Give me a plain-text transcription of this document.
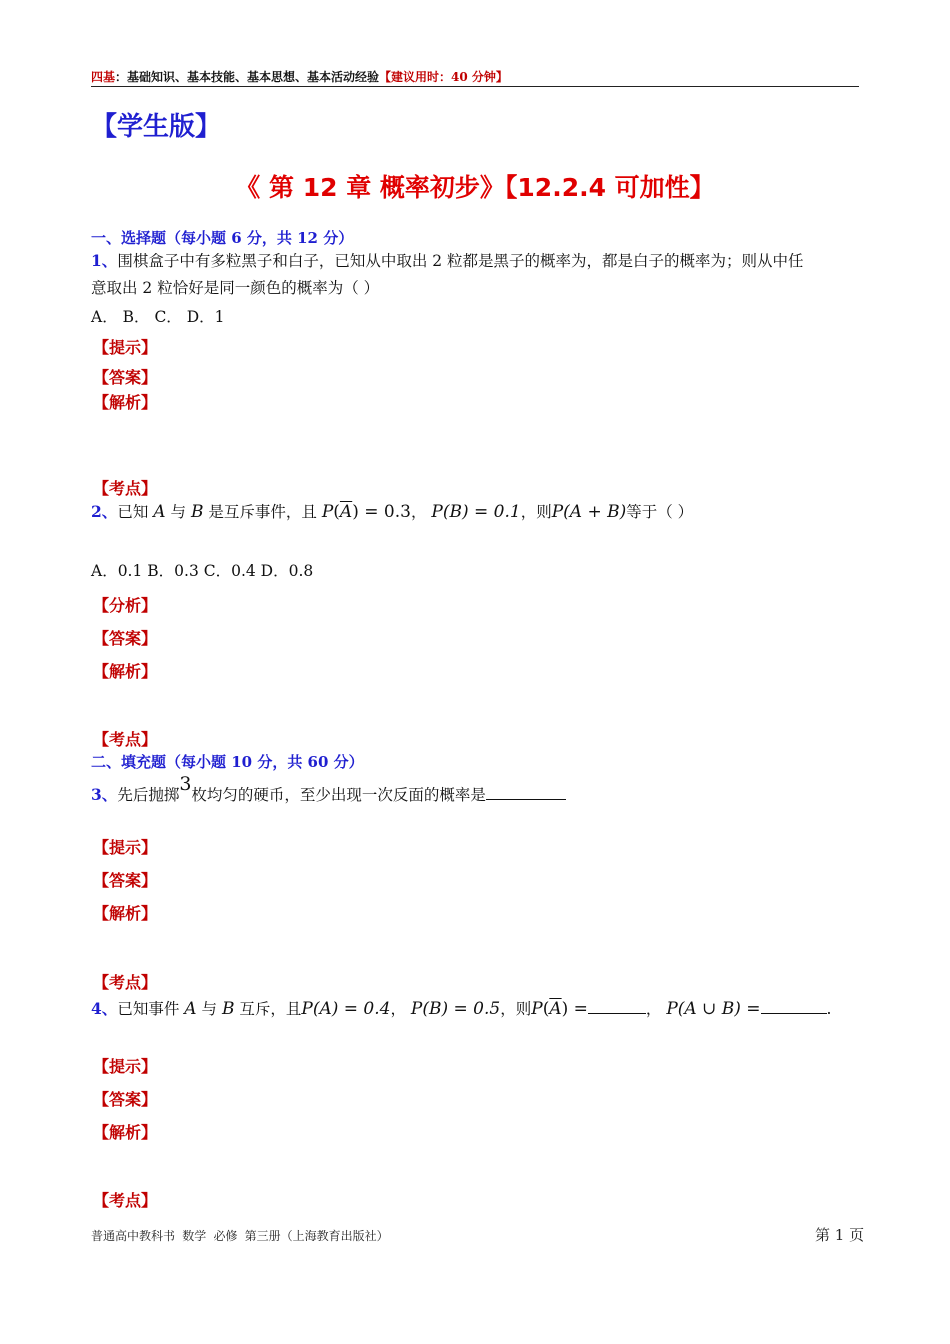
四基：基础知识、基本技能、基本思想、基本活动经验【建议用时：40 分钟】
【学生版】
《 第 12 章 概率初步》【12.2.4 可加性】
一、选择题（每小题 6 分，共 12 分）
1、围棋盒子中有多粒黑子和白子，已知从中取出 2 粒都是黑子的概率为，都是白子的概率为；则从中任
意取出 2 粒恰好是同一颜色的概率为（ ）
A． B． C． D．1
【提示】
【答案】
【解析】
【考点】
2、已知 A 与 B 是互斥事件，且 $P(\overline{A}) = 0.3$， P(B) = 0.1，则P(A + B)等于（ ）
A．0.1 B．0.3 C．0.4 D．0.8
【分析】
【答案】
【解析】
【考点】
二、填充题（每小题 10 分，共 60 分）
3、先后抛掷3枚均匀的硬币，至少出现一次反面的概率是
【提示】
【答案】
【解析】
【考点】
4、已知事件 A 与 B 互斥，且P(A) = 0.4， P(B) = 0.5，则$P(\overline{A})$ =	， P(A ∪ B) =	.
【提示】
【答案】
【解析】
【考点】
普通高中教科书 数学 必修 第三册（上海教育出版社）	第 1 页
